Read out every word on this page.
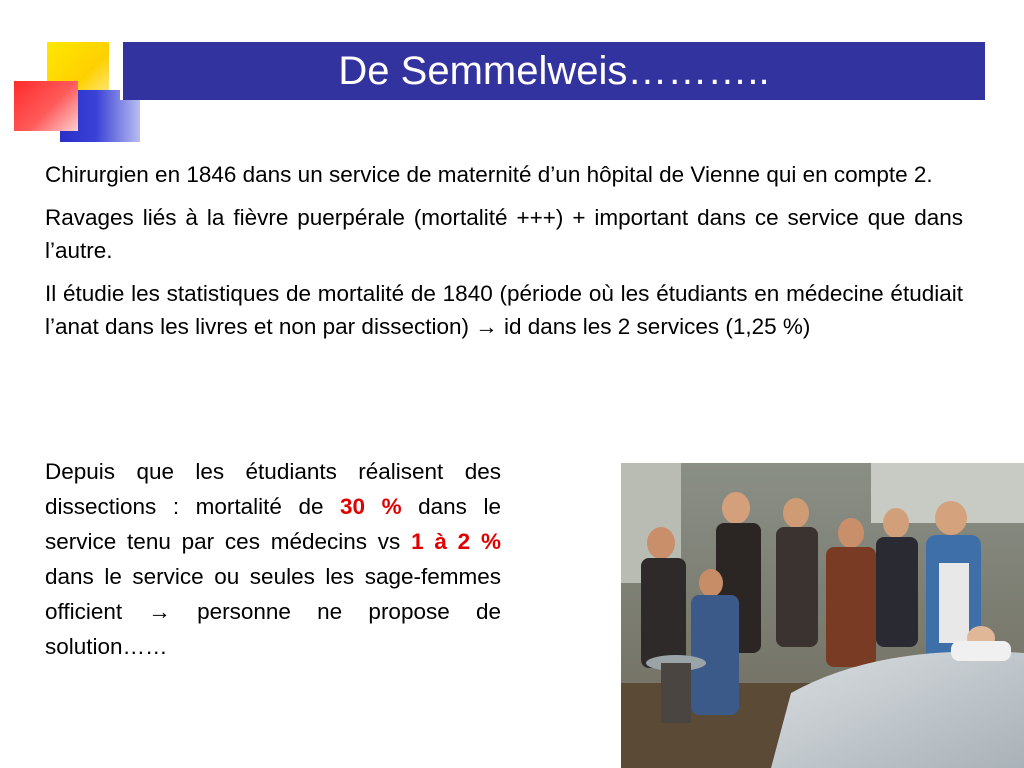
De Semmelweis………..

Chirurgien en 1846 dans un service de maternité d’un hôpital de Vienne qui en compte 2.

Ravages liés à la fièvre puerpérale (mortalité +++) + important dans ce service que dans l’autre.

Il étudie les statistiques de mortalité de 1840 (période où les étudiants en médecine étudiait l’anat dans les livres et non par dissection) → id dans les 2 services (1,25 %)

Depuis que les étudiants réalisent des dissections : mortalité de 30 % dans le service tenu par ces médecins vs 1 à 2 % dans le service ou seules les sage-femmes officient → personne ne propose de solution……
